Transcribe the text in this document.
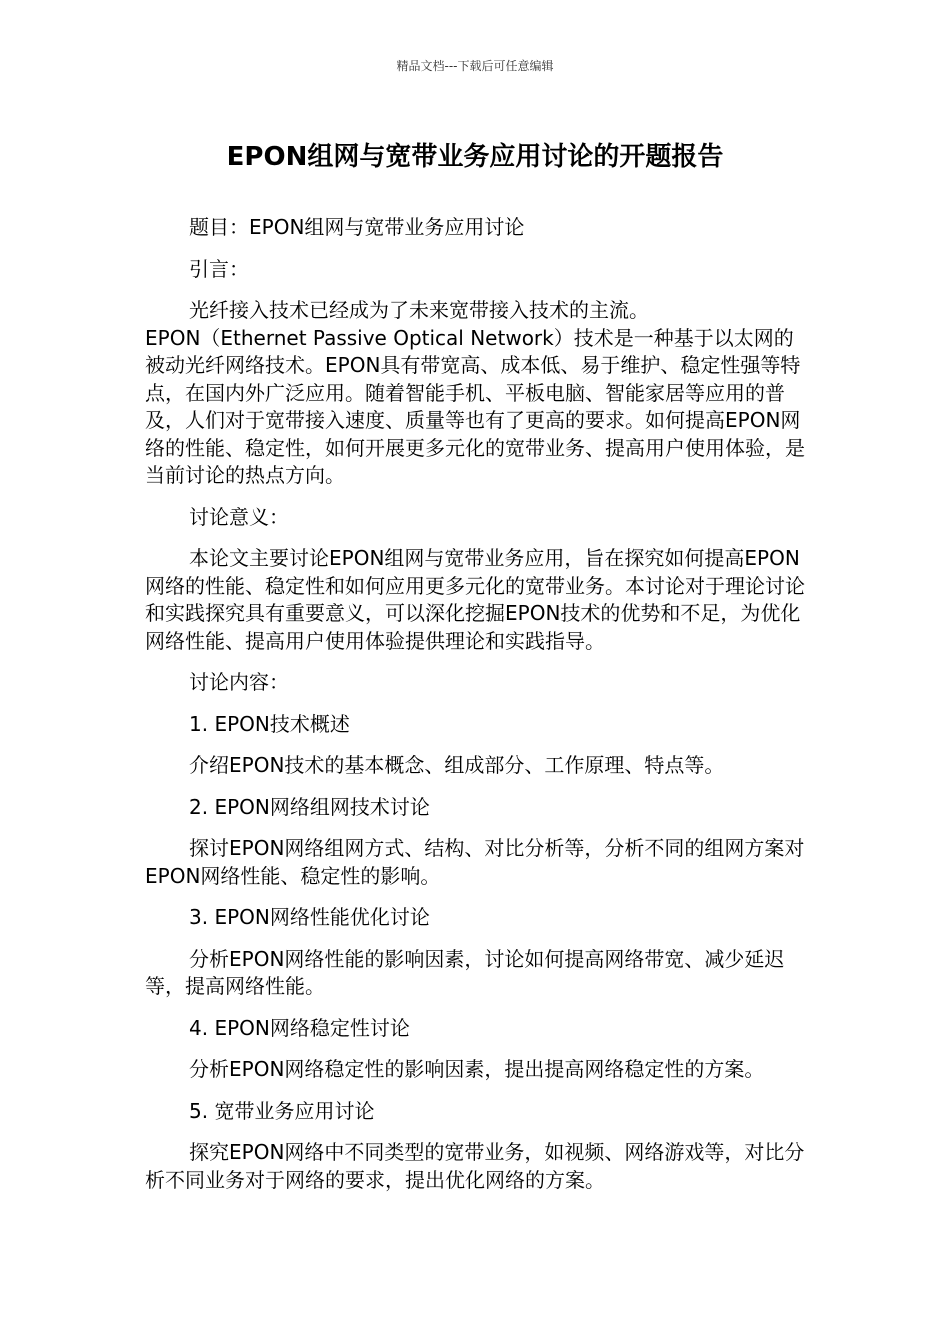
精品文档---下载后可任意编辑
EPON组网与宽带业务应用讨论的开题报告

题目：EPON组网与宽带业务应用讨论

引言：

光纤接入技术已经成为了未来宽带接入技术的主流。

EPON（Ethernet Passive Optical Network）技术是一种基于以太网的被动光纤网络技术。EPON具有带宽高、成本低、易于维护、稳定性强等特点，在国内外广泛应用。随着智能手机、平板电脑、智能家居等应用的普及，人们对于宽带接入速度、质量等也有了更高的要求。如何提高EPON网络的性能、稳定性，如何开展更多元化的宽带业务、提高用户使用体验，是当前讨论的热点方向。

讨论意义：

本论文主要讨论EPON组网与宽带业务应用，旨在探究如何提高EPON网络的性能、稳定性和如何应用更多元化的宽带业务。本讨论对于理论讨论和实践探究具有重要意义，可以深化挖掘EPON技术的优势和不足，为优化网络性能、提高用户使用体验提供理论和实践指导。

讨论内容：

1. EPON技术概述

介绍EPON技术的基本概念、组成部分、工作原理、特点等。

2. EPON网络组网技术讨论

探讨EPON网络组网方式、结构、对比分析等，分析不同的组网方案对EPON网络性能、稳定性的影响。

3. EPON网络性能优化讨论

分析EPON网络性能的影响因素，讨论如何提高网络带宽、减少延迟等，提高网络性能。

4. EPON网络稳定性讨论

分析EPON网络稳定性的影响因素，提出提高网络稳定性的方案。

5. 宽带业务应用讨论

探究EPON网络中不同类型的宽带业务，如视频、网络游戏等，对比分析不同业务对于网络的要求，提出优化网络的方案。
